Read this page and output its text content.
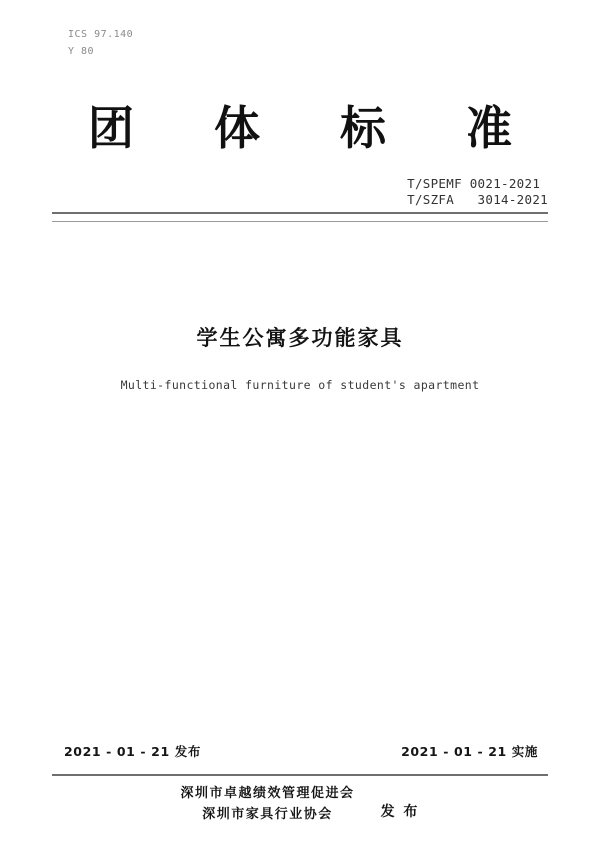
ICS 97.140
Y 80
团 体 标 准
T/SPEMF 0021-2021
T/SZFA   3014-2021
学生公寓多功能家具
Multi-functional furniture of student's apartment
2021 - 01 - 21 发布	2021 - 01 - 21 实施
深圳市卓越绩效管理促进会
深圳市家具行业协会	发 布
